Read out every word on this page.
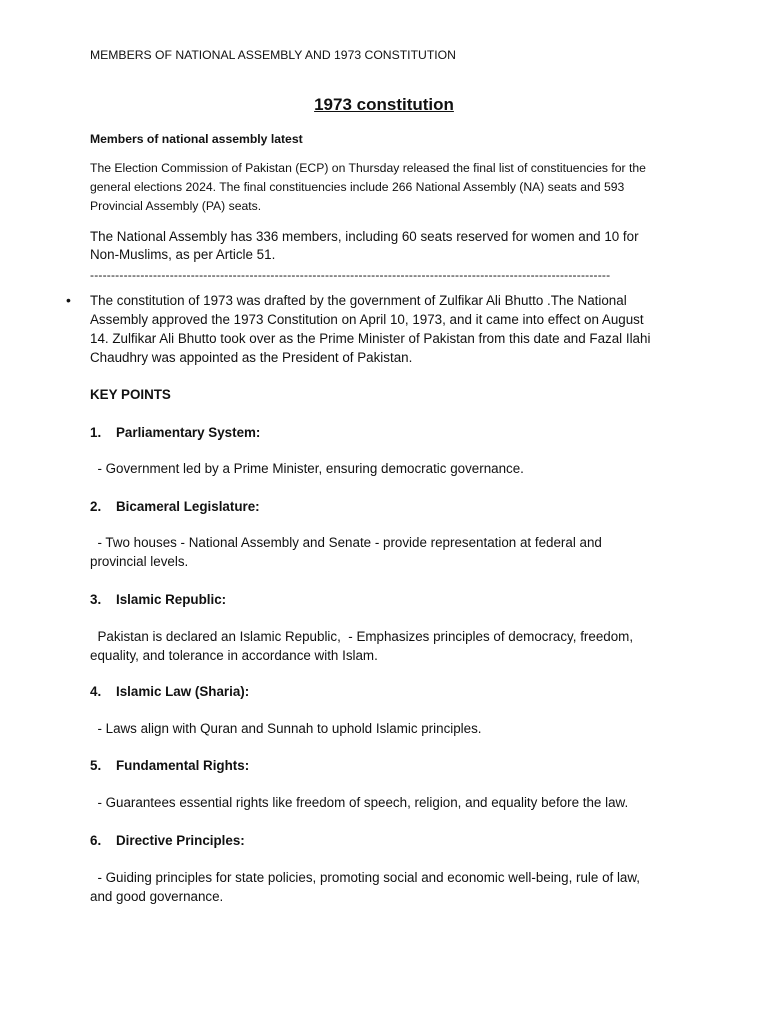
MEMBERS OF NATIONAL ASSEMBLY AND 1973 CONSTITUTION
1973 constitution
Members of national assembly latest
The Election Commission of Pakistan (ECP) on Thursday released the final list of constituencies for the
general elections 2024. The final constituencies include 266 National Assembly (NA) seats and 593
Provincial Assembly (PA) seats.
The National Assembly has 336 members, including 60 seats reserved for women and 10 for
Non-Muslims, as per Article 51.
----------------------------------------------------------------------------------------------------------------------------
• The constitution of 1973 was drafted by the government of Zulfikar Ali Bhutto .The National
Assembly approved the 1973 Constitution on April 10, 1973, and it came into effect on August
14. Zulfikar Ali Bhutto took over as the Prime Minister of Pakistan from this date and Fazal Ilahi
Chaudhry was appointed as the President of Pakistan.
KEY POINTS
1. Parliamentary System:
- Government led by a Prime Minister, ensuring democratic governance.
2. Bicameral Legislature:
- Two houses - National Assembly and Senate - provide representation at federal and
provincial levels.
3. Islamic Republic:
Pakistan is declared an Islamic Republic,  - Emphasizes principles of democracy, freedom,
equality, and tolerance in accordance with Islam.
4. Islamic Law (Sharia):
- Laws align with Quran and Sunnah to uphold Islamic principles.
5. Fundamental Rights:
- Guarantees essential rights like freedom of speech, religion, and equality before the law.
6. Directive Principles:
- Guiding principles for state policies, promoting social and economic well-being, rule of law,
and good governance.
